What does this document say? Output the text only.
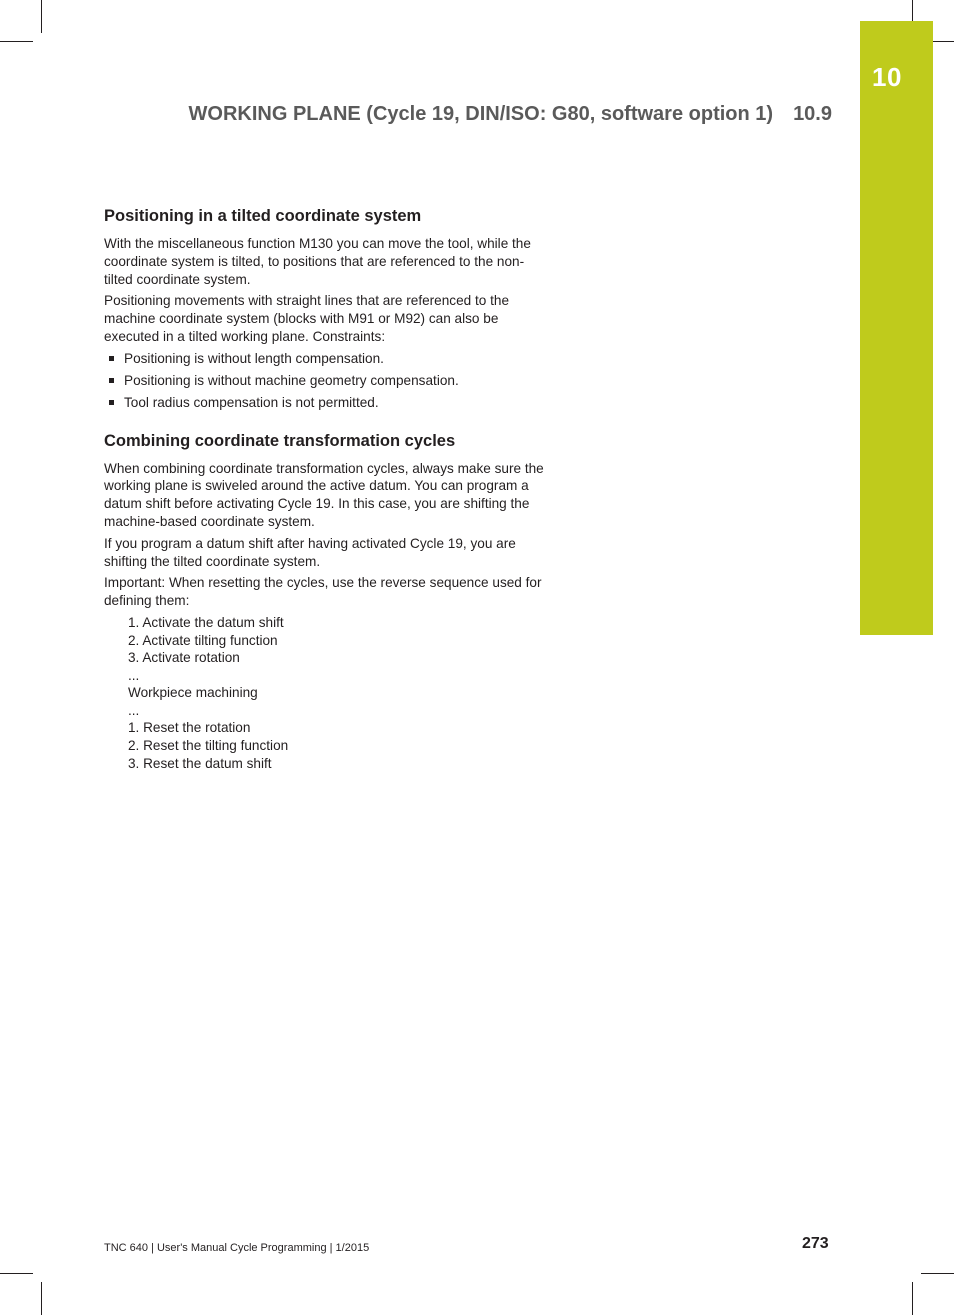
10
WORKING PLANE (Cycle 19, DIN/ISO: G80, software option 1) 10.9
Positioning in a tilted coordinate system

With the miscellaneous function M130 you can move the tool, while the coordinate system is tilted, to positions that are referenced to the non-tilted coordinate system.

Positioning movements with straight lines that are referenced to the machine coordinate system (blocks with M91 or M92) can also be executed in a tilted working plane. Constraints:

Positioning is without length compensation.
Positioning is without machine geometry compensation.
Tool radius compensation is not permitted.
Combining coordinate transformation cycles

When combining coordinate transformation cycles, always make sure the working plane is swiveled around the active datum. You can program a datum shift before activating Cycle 19. In this case, you are shifting the machine-based coordinate system.

If you program a datum shift after having activated Cycle 19, you are shifting the tilted coordinate system.

Important: When resetting the cycles, use the reverse sequence used for defining them:

1. Activate the datum shift
2. Activate tilting function
3. Activate rotation
...
Workpiece machining
...
1. Reset the rotation
2. Reset the tilting function
3. Reset the datum shift
TNC 640 | User's Manual Cycle Programming | 1/2015	273
